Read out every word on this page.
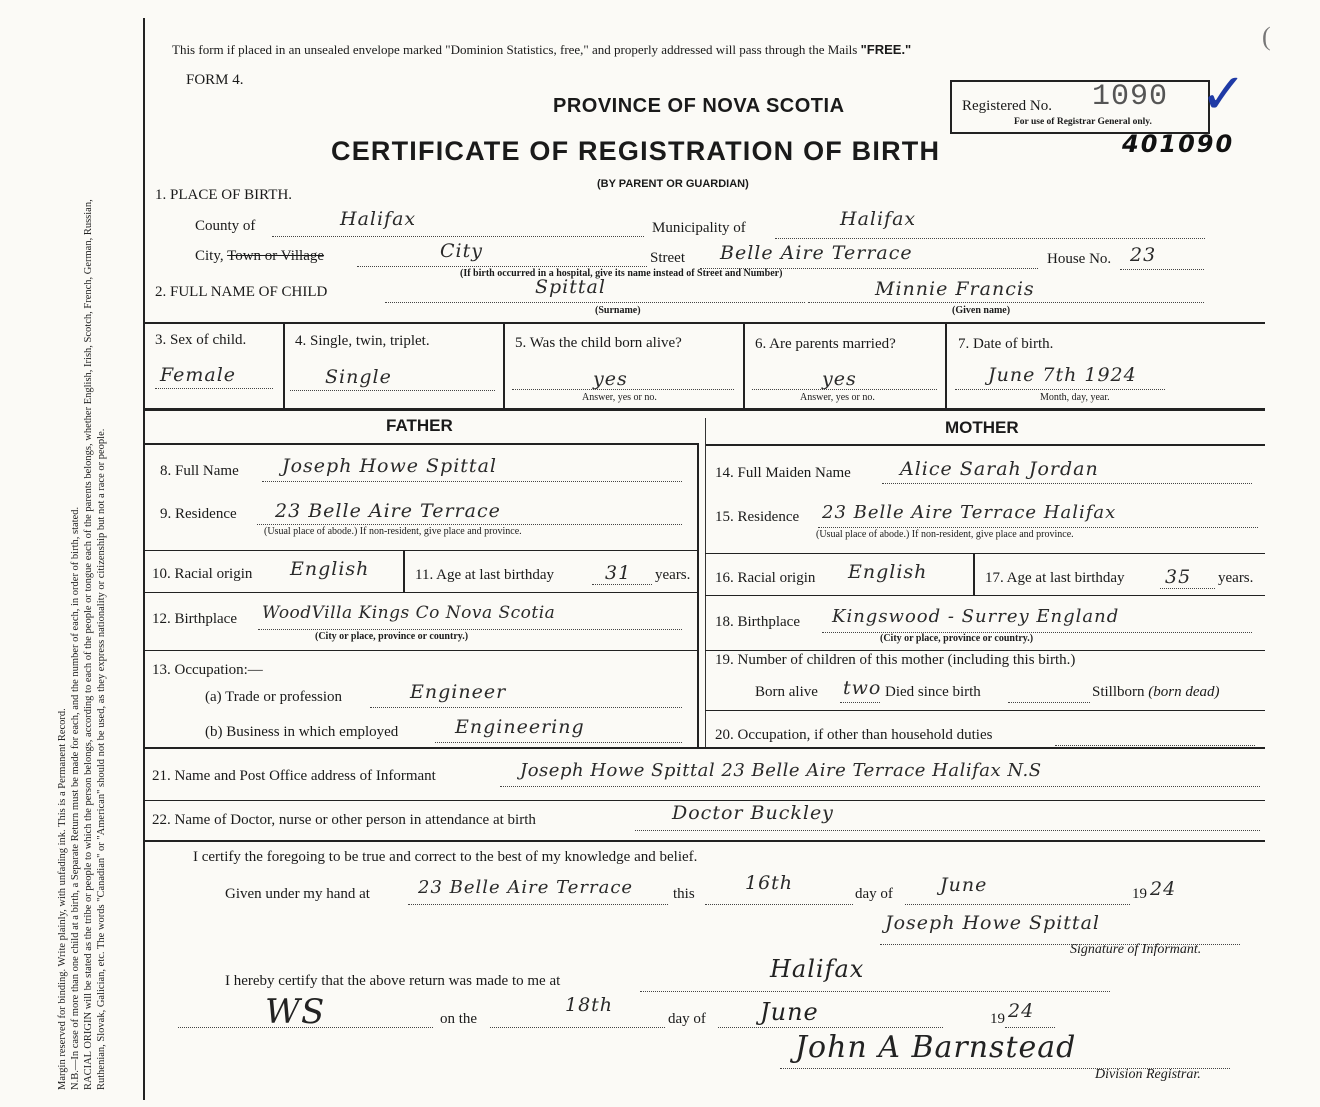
Margin reserved for binding. Write plainly, with unfading ink. This is a Permanent Record. N.B.—In case of more than one child at a birth, a Separate Return must be made for each, and the number of each, in order of birth, stated. RACIAL ORIGIN will be stated as the tribe or people to which the person belongs, according to each of the people or tongue each of the parents belongs, whether English, Irish, Scotch, French, German, Russian, Ruthenian, Slovak, Galician, etc. The words "Canadian" or "American" should not be used, as they express nationality or citizenship but not a race or people.
This form if placed in an unsealed envelope marked "Dominion Statistics, free," and properly addressed will pass through the Mails "FREE."	(
FORM 4.
PROVINCE OF NOVA SCOTIA
CERTIFICATE OF REGISTRATION OF BIRTH
(BY PARENT OR GUARDIAN)
Registered No. 1090
For use of Registrar General only. ✓
401090
1. PLACE OF BIRTH.
County of	Halifax	Municipality of	Halifax
City, Town or Village	City	Street Belle Aire Terrace	House No. 23
(If birth occurred in a hospital, give its name instead of Street and Number)
2. FULL NAME OF CHILD	Spittal
(Surname)
Minnie Francis
(Given name)
3. Sex of child.
Female
4. Single, twin, triplet.
Single
5. Was the child born alive?
yes
Answer, yes or no.
6. Are parents married?
yes
Answer, yes or no.
7. Date of birth.
June 7th 1924
Month, day, year.
FATHER	MOTHER
8. Full Name Joseph Howe Spittal
9. Residence 23 Belle Aire Terrace
(Usual place of abode.) If non-resident, give place and province.
10. Racial origin English	11. Age at last birthday	31 years.
12. Birthplace WoodVilla Kings Co Nova Scotia
(City or place, province or country.)
13. Occupation:—
(a) Trade or profession	Engineer
(b) Business in which employed	Engineering
14. Full Maiden Name	Alice Sarah Jordan
15. Residence 23 Belle Aire Terrace Halifax
(Usual place of abode.) If non-resident, give place and province.
16. Racial origin English	17. Age at last birthday 35 years.
18. Birthplace Kingswood - Surrey England
(City or place, province or country.)
19. Number of children of this mother (including this birth.)
Born alive two Died since birth	Stillborn (born dead)
20. Occupation, if other than household duties
21. Name and Post Office address of Informant	Joseph Howe Spittal 23 Belle Aire Terrace Halifax N.S
22. Name of Doctor, nurse or other person in attendance at birth	Doctor Buckley
I certify the foregoing to be true and correct to the best of my knowledge and belief.
Given under my hand at	23 Belle Aire Terrace	this	16th	day of June	19 24
Joseph Howe Spittal
Signature of Informant.
I hereby certify that the above return was made to me at	Halifax
WS	on the
18th
day of June	19 24
John A Barnstead
Division Registrar.
